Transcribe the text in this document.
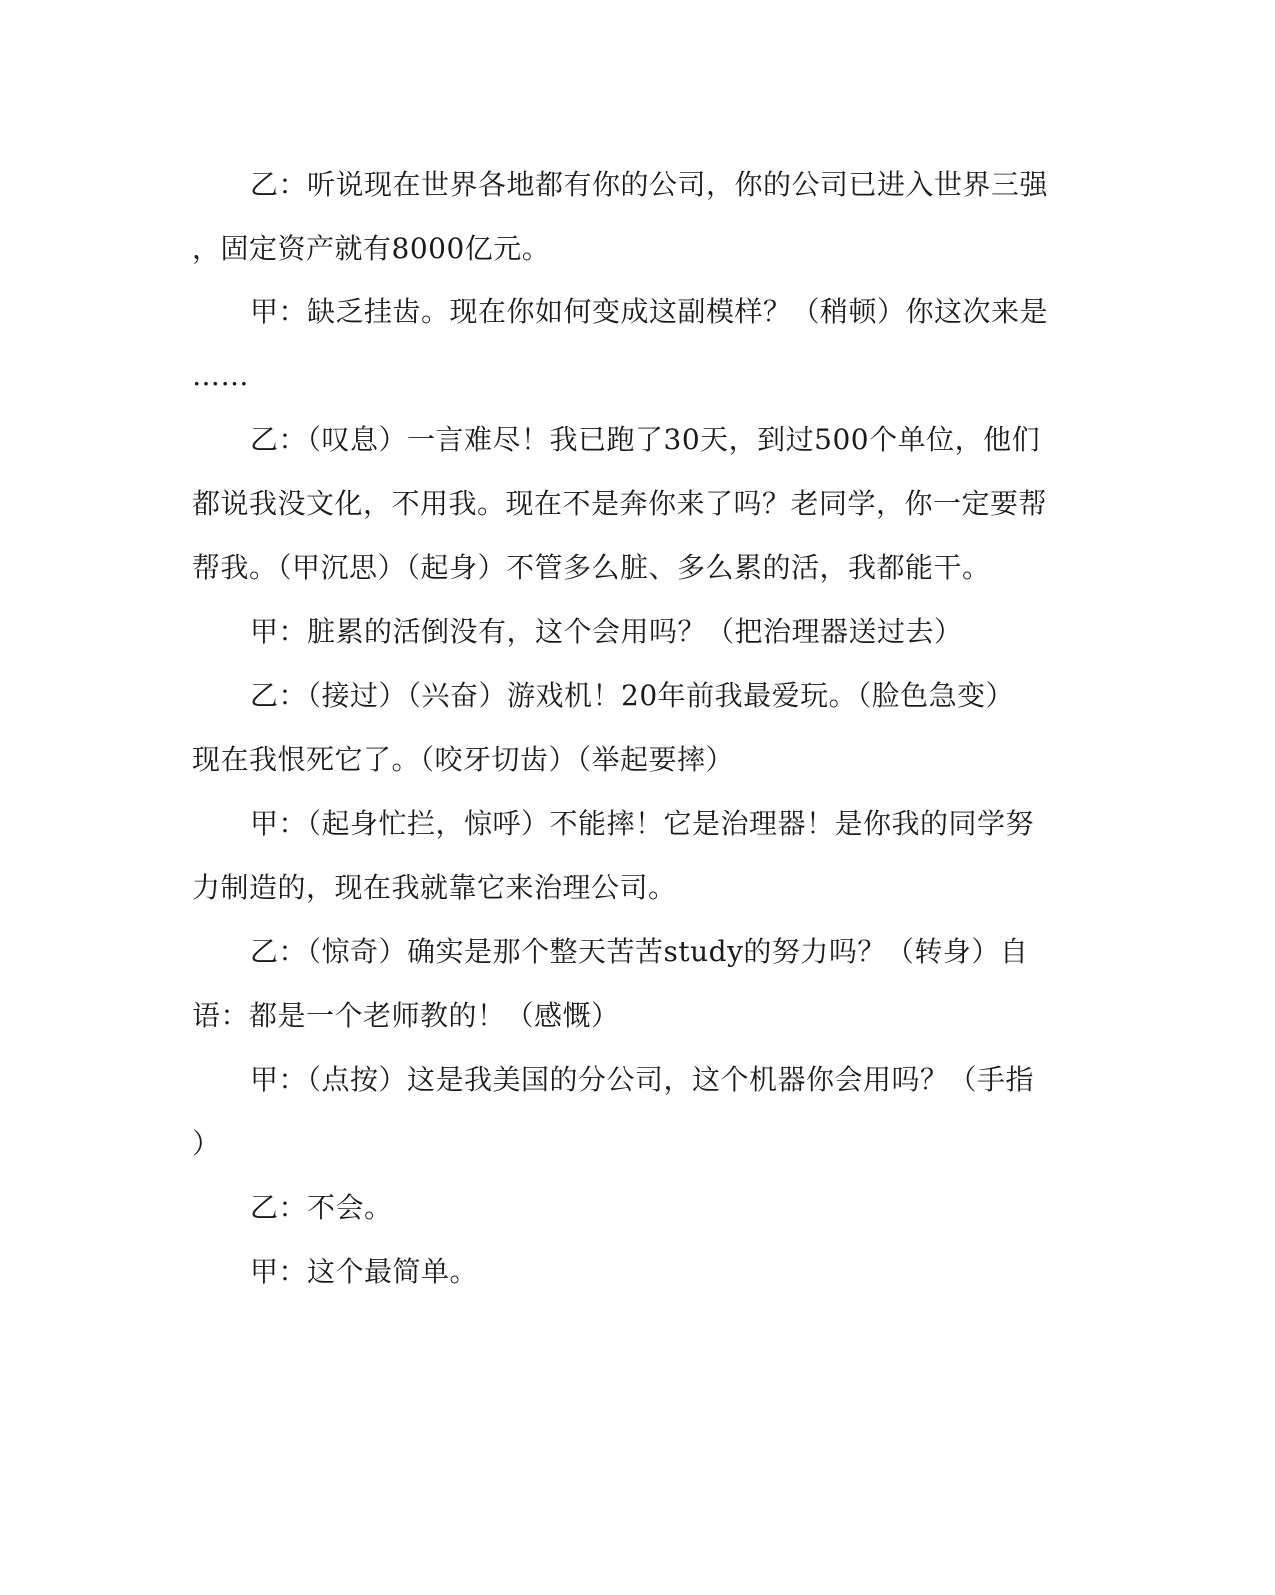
乙：听说现在世界各地都有你的公司，你的公司已进入世界三强
，固定资产就有8000亿元。
甲：缺乏挂齿。现在你如何变成这副模样？（稍顿）你这次来是
……
乙：（叹息）一言难尽！我已跑了30天，到过500个单位，他们
都说我没文化，不用我。现在不是奔你来了吗？老同学，你一定要帮
帮我。（甲沉思）（起身）不管多么脏、多么累的活，我都能干。
甲：脏累的活倒没有，这个会用吗？（把治理器送过去）
乙：（接过）（兴奋）游戏机！20年前我最爱玩。（脸色急变）
现在我恨死它了。（咬牙切齿）（举起要摔）
甲：（起身忙拦，惊呼）不能摔！它是治理器！是你我的同学努
力制造的，现在我就靠它来治理公司。
乙：（惊奇）确实是那个整天苦苦study的努力吗？（转身）自
语：都是一个老师教的！（感慨）
甲：（点按）这是我美国的分公司，这个机器你会用吗？（手指
）
乙：不会。
甲：这个最简单。
